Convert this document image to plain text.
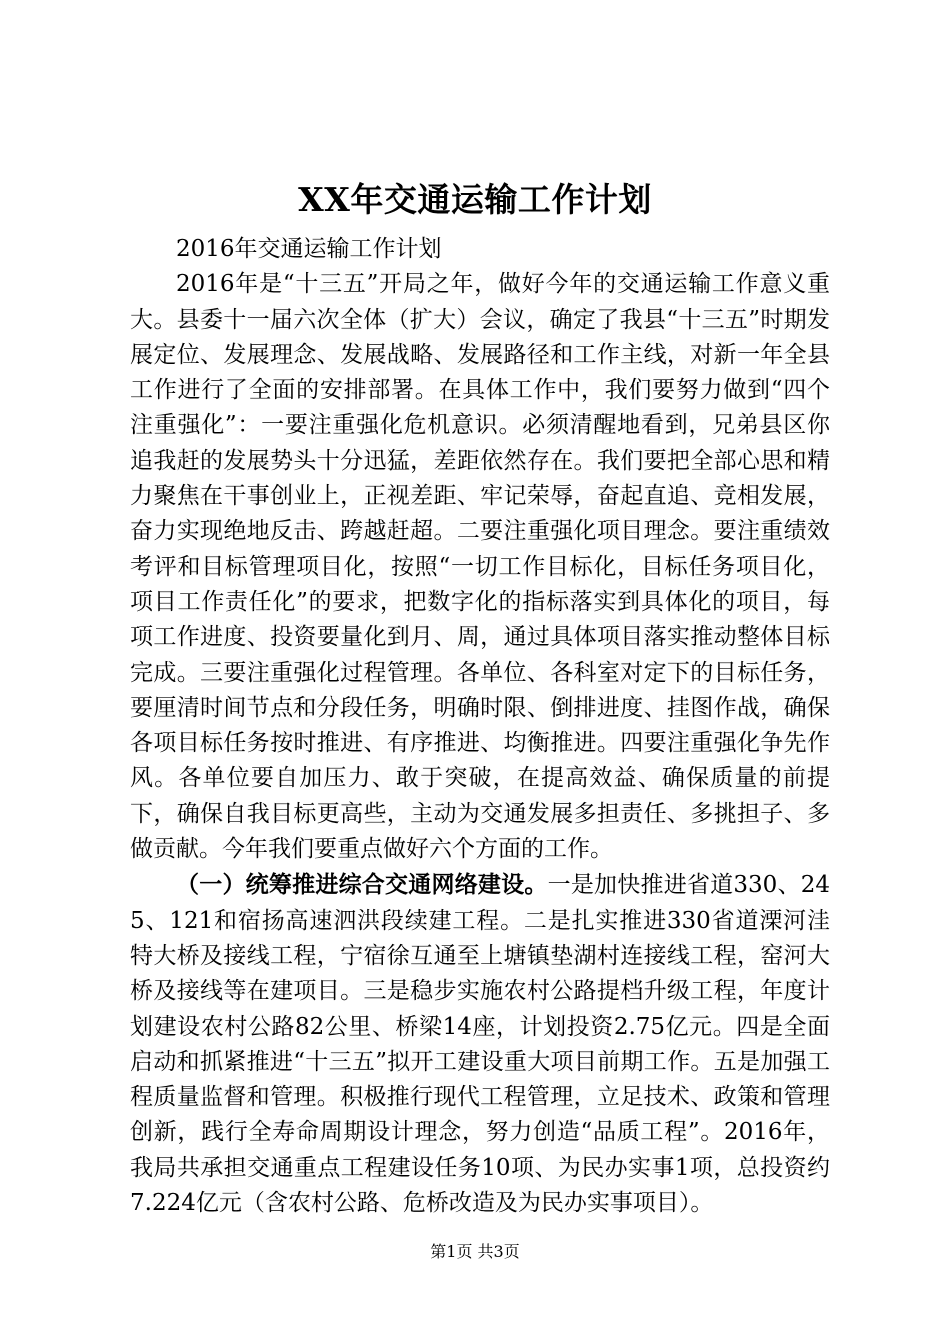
XX年交通运输工作计划

2016年交通运输工作计划

2016年是“十三五”开局之年，做好今年的交通运输工作意义重大。县委十一届六次全体（扩大）会议，确定了我县“十三五”时期发展定位、发展理念、发展战略、发展路径和工作主线，对新一年全县工作进行了全面的安排部署。在具体工作中，我们要努力做到“四个注重强化”：一要注重强化危机意识。必须清醒地看到，兄弟县区你追我赶的发展势头十分迅猛，差距依然存在。我们要把全部心思和精力聚焦在干事创业上，正视差距、牢记荣辱，奋起直追、竞相发展，奋力实现绝地反击、跨越赶超。二要注重强化项目理念。要注重绩效考评和目标管理项目化，按照“一切工作目标化，目标任务项目化，项目工作责任化”的要求，把数字化的指标落实到具体化的项目，每项工作进度、投资要量化到月、周，通过具体项目落实推动整体目标完成。三要注重强化过程管理。各单位、各科室对定下的目标任务，要厘清时间节点和分段任务，明确时限、倒排进度、挂图作战，确保各项目标任务按时推进、有序推进、均衡推进。四要注重强化争先作风。各单位要自加压力、敢于突破，在提高效益、确保质量的前提下，确保自我目标更高些，主动为交通发展多担责任、多挑担子、多做贡献。今年我们要重点做好六个方面的工作。

（一）统筹推进综合交通网络建设。一是加快推进省道330、245、121和宿扬高速泗洪段续建工程。二是扎实推进330省道溧河洼特大桥及接线工程，宁宿徐互通至上塘镇垫湖村连接线工程，窑河大桥及接线等在建项目。三是稳步实施农村公路提档升级工程，年度计划建设农村公路82公里、桥梁14座，计划投资2.75亿元。四是全面启动和抓紧推进“十三五”拟开工建设重大项目前期工作。五是加强工程质量监督和管理。积极推行现代工程管理，立足技术、政策和管理创新，践行全寿命周期设计理念，努力创造“品质工程”。2016年，我局共承担交通重点工程建设任务10项、为民办实事1项，总投资约7.224亿元（含农村公路、危桥改造及为民办实事项目）。

第1页 共3页
